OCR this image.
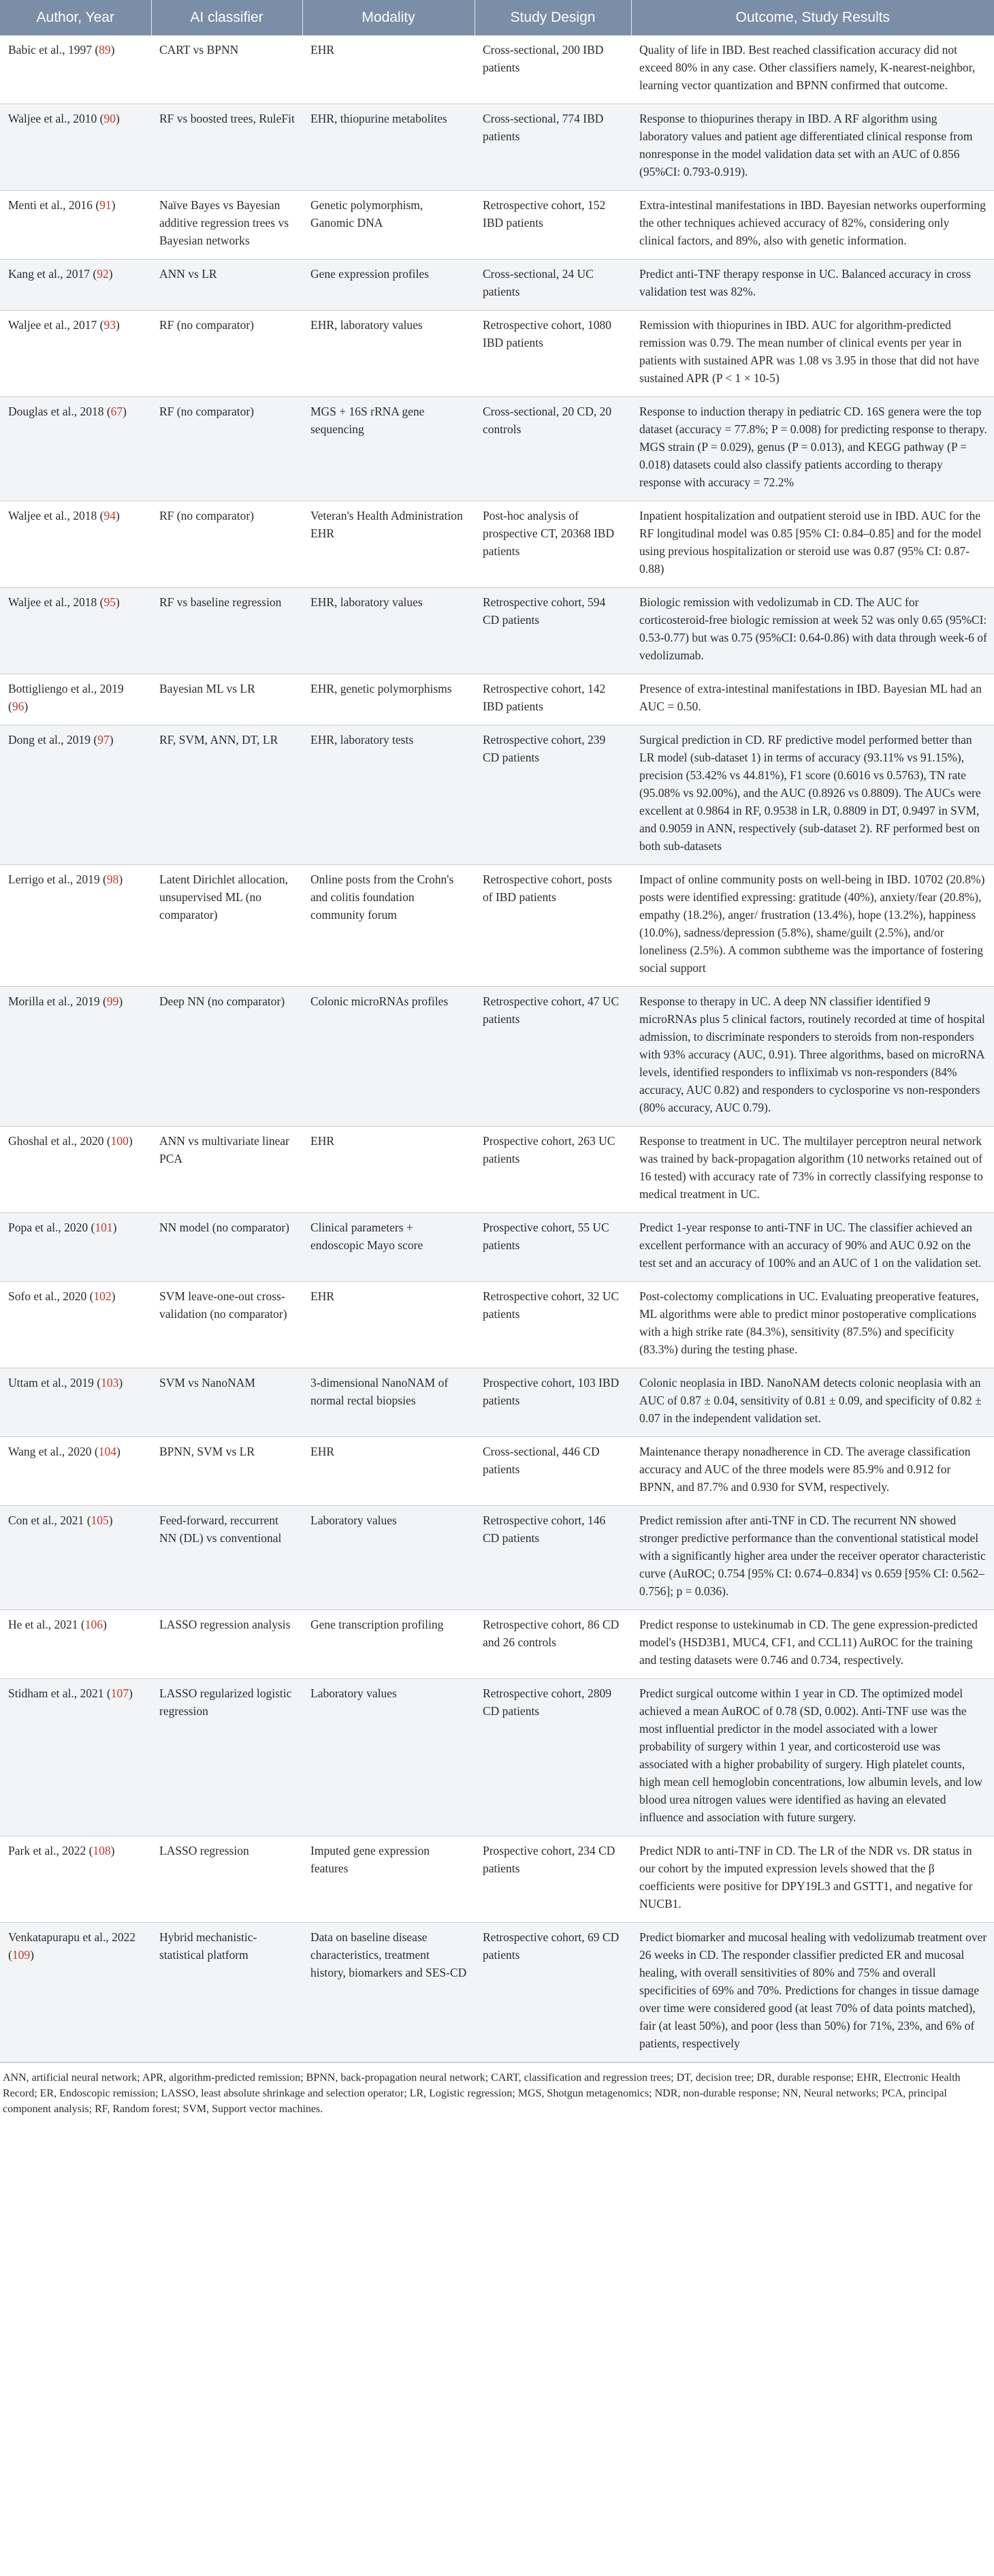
Author, Year	AI classifier	Modality	Study Design	Outcome, Study Results
Babic et al., 1997 (89)	CART vs BPNN	EHR	Cross-sectional, 200 IBD patients	Quality of life in IBD. Best reached classification accuracy did not exceed 80% in any case. Other classifiers namely, K-nearest-neighbor, learning vector quantization and BPNN confirmed that outcome.
Waljee et al., 2010 (90)	RF vs boosted trees, RuleFit	EHR, thiopurine metabolites	Cross-sectional, 774 IBD patients	Response to thiopurines therapy in IBD. A RF algorithm using laboratory values and patient age differentiated clinical response from nonresponse in the model validation data set with an AUC of 0.856 (95%CI: 0.793-0.919).
Menti et al., 2016 (91)	Naïve Bayes vs Bayesian additive regression trees vs Bayesian networks	Genetic polymorphism, Ganomic DNA	Retrospective cohort, 152 IBD patients	Extra-intestinal manifestations in IBD. Bayesian networks ouperforming the other techniques achieved accuracy of 82%, considering only clinical factors, and 89%, also with genetic information.
Kang et al., 2017 (92)	ANN vs LR	Gene expression profiles	Cross-sectional, 24 UC patients	Predict anti-TNF therapy response in UC. Balanced accuracy in cross validation test was 82%.
Waljee et al., 2017 (93)	RF (no comparator)	EHR, laboratory values	Retrospective cohort, 1080 IBD patients	Remission with thiopurines in IBD. AUC for algorithm-predicted remission was 0.79. The mean number of clinical events per year in patients with sustained APR was 1.08 vs 3.95 in those that did not have sustained APR (P < 1 × 10-5)
Douglas et al., 2018 (67)	RF (no comparator)	MGS + 16S rRNA gene sequencing	Cross-sectional, 20 CD, 20 controls	Response to induction therapy in pediatric CD. 16S genera were the top dataset (accuracy = 77.8%; P = 0.008) for predicting response to therapy. MGS strain (P = 0.029), genus (P = 0.013), and KEGG pathway (P = 0.018) datasets could also classify patients according to therapy response with accuracy = 72.2%
Waljee et al., 2018 (94)	RF (no comparator)	Veteran's Health Administration EHR	Post-hoc analysis of prospective CT, 20368 IBD patients	Inpatient hospitalization and outpatient steroid use in IBD. AUC for the RF longitudinal model was 0.85 [95% CI: 0.84–0.85] and for the model using previous hospitalization or steroid use was 0.87 (95% CI: 0.87-0.88)
Waljee et al., 2018 (95)	RF vs baseline regression	EHR, laboratory values	Retrospective cohort, 594 CD patients	Biologic remission with vedolizumab in CD. The AUC for corticosteroid-free biologic remission at week 52 was only 0.65 (95%CI: 0.53-0.77) but was 0.75 (95%CI: 0.64-0.86) with data through week-6 of vedolizumab.
Bottigliengo et al., 2019 (96)	Bayesian ML vs LR	EHR, genetic polymorphisms	Retrospective cohort, 142 IBD patients	Presence of extra-intestinal manifestations in IBD. Bayesian ML had an AUC = 0.50.
Dong et al., 2019 (97)	RF, SVM, ANN, DT, LR	EHR, laboratory tests	Retrospective cohort, 239 CD patients	Surgical prediction in CD. RF predictive model performed better than LR model (sub-dataset 1) in terms of accuracy (93.11% vs 91.15%), precision (53.42% vs 44.81%), F1 score (0.6016 vs 0.5763), TN rate (95.08% vs 92.00%), and the AUC (0.8926 vs 0.8809). The AUCs were excellent at 0.9864 in RF, 0.9538 in LR, 0.8809 in DT, 0.9497 in SVM, and 0.9059 in ANN, respectively (sub-dataset 2). RF performed best on both sub-datasets
Lerrigo et al., 2019 (98)	Latent Dirichlet allocation, unsupervised ML (no comparator)	Online posts from the Crohn's and colitis foundation community forum	Retrospective cohort, posts of IBD patients	Impact of online community posts on well-being in IBD. 10702 (20.8%) posts were identified expressing: gratitude (40%), anxiety/fear (20.8%), empathy (18.2%), anger/ frustration (13.4%), hope (13.2%), happiness (10.0%), sadness/depression (5.8%), shame/guilt (2.5%), and/or loneliness (2.5%). A common subtheme was the importance of fostering social support
Morilla et al., 2019 (99)	Deep NN (no comparator)	Colonic microRNAs profiles	Retrospective cohort, 47 UC patients	Response to therapy in UC. A deep NN classifier identified 9 microRNAs plus 5 clinical factors, routinely recorded at time of hospital admission, to discriminate responders to steroids from non-responders with 93% accuracy (AUC, 0.91). Three algorithms, based on microRNA levels, identified responders to infliximab vs non-responders (84% accuracy, AUC 0.82) and responders to cyclosporine vs non-responders (80% accuracy, AUC 0.79).
Ghoshal et al., 2020 (100)	ANN vs multivariate linear PCA	EHR	Prospective cohort, 263 UC patients	Response to treatment in UC. The multilayer perceptron neural network was trained by back-propagation algorithm (10 networks retained out of 16 tested) with accuracy rate of 73% in correctly classifying response to medical treatment in UC.
Popa et al., 2020 (101)	NN model (no comparator)	Clinical parameters + endoscopic Mayo score	Prospective cohort, 55 UC patients	Predict 1-year response to anti-TNF in UC. The classifier achieved an excellent performance with an accuracy of 90% and AUC 0.92 on the test set and an accuracy of 100% and an AUC of 1 on the validation set.
Sofo et al., 2020 (102)	SVM leave-one-out cross-validation (no comparator)	EHR	Retrospective cohort, 32 UC patients	Post-colectomy complications in UC. Evaluating preoperative features, ML algorithms were able to predict minor postoperative complications with a high strike rate (84.3%), sensitivity (87.5%) and specificity (83.3%) during the testing phase.
Uttam et al., 2019 (103)	SVM vs NanoNAM	3-dimensional NanoNAM of normal rectal biopsies	Prospective cohort, 103 IBD patients	Colonic neoplasia in IBD. NanoNAM detects colonic neoplasia with an AUC of 0.87 ± 0.04, sensitivity of 0.81 ± 0.09, and specificity of 0.82 ± 0.07 in the independent validation set.
Wang et al., 2020 (104)	BPNN, SVM vs LR	EHR	Cross-sectional, 446 CD patients	Maintenance therapy nonadherence in CD. The average classification accuracy and AUC of the three models were 85.9% and 0.912 for BPNN, and 87.7% and 0.930 for SVM, respectively.
Con et al., 2021 (105)	Feed-forward, reccurrent NN (DL) vs conventional	Laboratory values	Retrospective cohort, 146 CD patients	Predict remission after anti-TNF in CD. The recurrent NN showed stronger predictive performance than the conventional statistical model with a significantly higher area under the receiver operator characteristic curve (AuROC; 0.754 [95% CI: 0.674–0.834] vs 0.659 [95% CI: 0.562–0.756]; p = 0.036).
He et al., 2021 (106)	LASSO regression analysis	Gene transcription profiling	Retrospective cohort, 86 CD and 26 controls	Predict response to ustekinumab in CD. The gene expression-predicted model's (HSD3B1, MUC4, CF1, and CCL11) AuROC for the training and testing datasets were 0.746 and 0.734, respectively.
Stidham et al., 2021 (107)	LASSO regularized logistic regression	Laboratory values	Retrospective cohort, 2809 CD patients	Predict surgical outcome within 1 year in CD. The optimized model achieved a mean AuROC of 0.78 (SD, 0.002). Anti-TNF use was the most influential predictor in the model associated with a lower probability of surgery within 1 year, and corticosteroid use was associated with a higher probability of surgery. High platelet counts, high mean cell hemoglobin concentrations, low albumin levels, and low blood urea nitrogen values were identified as having an elevated influence and association with future surgery.
Park et al., 2022 (108)	LASSO regression	Imputed gene expression features	Prospective cohort, 234 CD patients	Predict NDR to anti-TNF in CD. The LR of the NDR vs. DR status in our cohort by the imputed expression levels showed that the β coefficients were positive for DPY19L3 and GSTT1, and negative for NUCB1.
Venkatapurapu et al., 2022 (109)	Hybrid mechanistic-statistical platform	Data on baseline disease characteristics, treatment history, biomarkers and SES-CD	Retrospective cohort, 69 CD patients	Predict biomarker and mucosal healing with vedolizumab treatment over 26 weeks in CD. The responder classifier predicted ER and mucosal healing, with overall sensitivities of 80% and 75% and overall specificities of 69% and 70%. Predictions for changes in tissue damage over time were considered good (at least 70% of data points matched), fair (at least 50%), and poor (less than 50%) for 71%, 23%, and 6% of patients, respectively
ANN, artificial neural network; APR, algorithm-predicted remission; BPNN, back-propagation neural network; CART, classification and regression trees; DT, decision tree; DR, durable response; EHR, Electronic Health Record; ER, Endoscopic remission; LASSO, least absolute shrinkage and selection operator; LR, Logistic regression; MGS, Shotgun metagenomics; NDR, non-durable response; NN, Neural networks; PCA, principal component analysis; RF, Random forest; SVM, Support vector machines.
